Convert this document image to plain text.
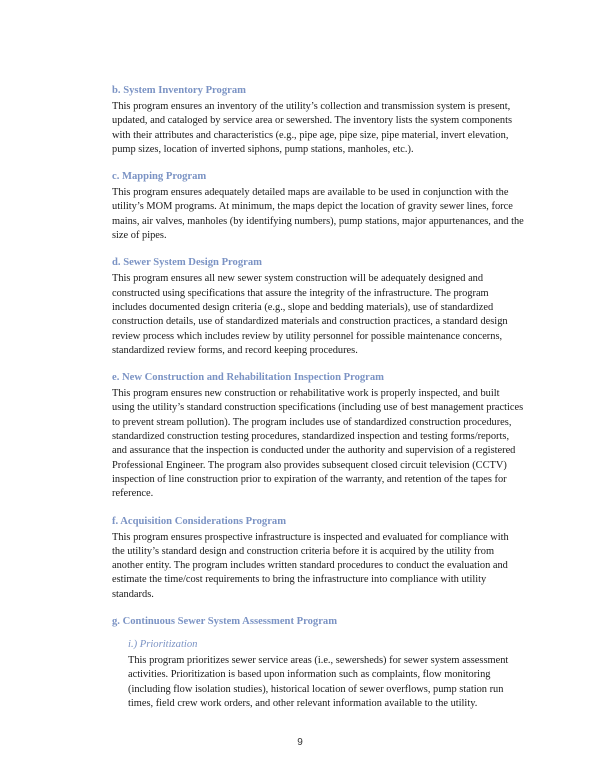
b. System Inventory Program

This program ensures an inventory of the utility’s collection and transmission system is present, updated, and cataloged by service area or sewershed. The inventory lists the system components with their attributes and characteristics (e.g., pipe age, pipe size, pipe material, invert elevation, pump sizes, location of inverted siphons, pump stations, manholes, etc.).

c. Mapping Program

This program ensures adequately detailed maps are available to be used in conjunction with the utility’s MOM programs. At minimum, the maps depict the location of gravity sewer lines, force mains, air valves, manholes (by identifying numbers), pump stations, major appurtenances, and the size of pipes.

d. Sewer System Design Program

This program ensures all new sewer system construction will be adequately designed and constructed using specifications that assure the integrity of the infrastructure. The program includes documented design criteria (e.g., slope and bedding materials), use of standardized construction details, use of standardized materials and construction practices, a standard design review process which includes review by utility personnel for possible maintenance concerns, standardized review forms, and record keeping procedures.

e. New Construction and Rehabilitation Inspection Program

This program ensures new construction or rehabilitative work is properly inspected, and built using the utility’s standard construction specifications (including use of best management practices to prevent stream pollution). The program includes use of standardized construction procedures, standardized construction testing procedures, standardized inspection and testing forms/reports, and assurance that the inspection is conducted under the authority and supervision of a registered Professional Engineer. The program also provides subsequent closed circuit television (CCTV) inspection of line construction prior to expiration of the warranty, and retention of the tapes for reference.

f. Acquisition Considerations Program

This program ensures prospective infrastructure is inspected and evaluated for compliance with the utility’s standard design and construction criteria before it is acquired by the utility from another entity. The program includes written standard procedures to conduct the evaluation and estimate the time/cost requirements to bring the infrastructure into compliance with utility standards.

g. Continuous Sewer System Assessment Program
i.) Prioritization

This program prioritizes sewer service areas (i.e., sewersheds) for sewer system assessment activities. Prioritization is based upon information such as complaints, flow monitoring (including flow isolation studies), historical location of sewer overflows, pump station run times, field crew work orders, and other relevant information available to the utility.

9
